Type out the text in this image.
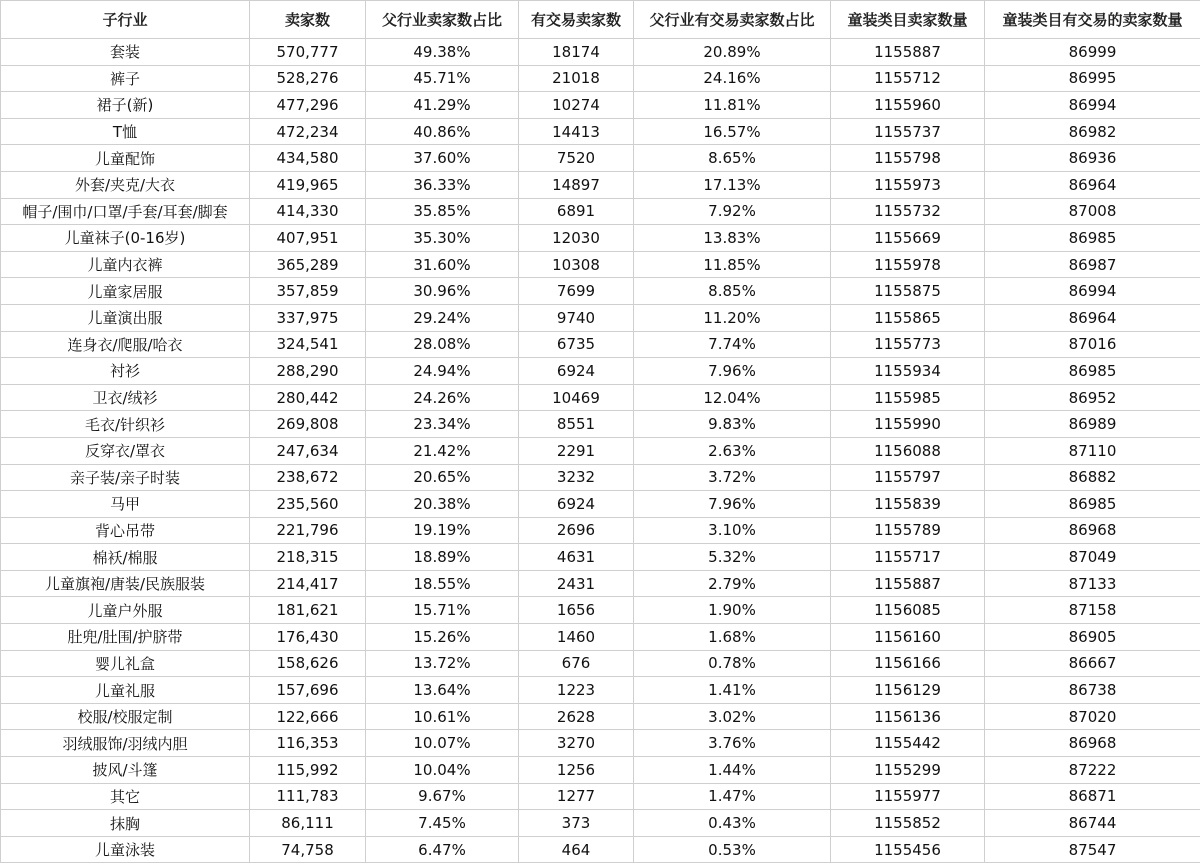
子行业	卖家数	父行业卖家数占比	有交易卖家数	父行业有交易卖家数占比	童装类目卖家数量	童装类目有交易的卖家数量
套装	570,777	49.38%	18174	20.89%	1155887	86999
裤子	528,276	45.71%	21018	24.16%	1155712	86995
裙子(新)	477,296	41.29%	10274	11.81%	1155960	86994
T恤	472,234	40.86%	14413	16.57%	1155737	86982
儿童配饰	434,580	37.60%	7520	8.65%	1155798	86936
外套/夹克/大衣	419,965	36.33%	14897	17.13%	1155973	86964
帽子/围巾/口罩/手套/耳套/脚套	414,330	35.85%	6891	7.92%	1155732	87008
儿童袜子(0-16岁)	407,951	35.30%	12030	13.83%	1155669	86985
儿童内衣裤	365,289	31.60%	10308	11.85%	1155978	86987
儿童家居服	357,859	30.96%	7699	8.85%	1155875	86994
儿童演出服	337,975	29.24%	9740	11.20%	1155865	86964
连身衣/爬服/哈衣	324,541	28.08%	6735	7.74%	1155773	87016
衬衫	288,290	24.94%	6924	7.96%	1155934	86985
卫衣/绒衫	280,442	24.26%	10469	12.04%	1155985	86952
毛衣/针织衫	269,808	23.34%	8551	9.83%	1155990	86989
反穿衣/罩衣	247,634	21.42%	2291	2.63%	1156088	87110
亲子装/亲子时装	238,672	20.65%	3232	3.72%	1155797	86882
马甲	235,560	20.38%	6924	7.96%	1155839	86985
背心吊带	221,796	19.19%	2696	3.10%	1155789	86968
棉袄/棉服	218,315	18.89%	4631	5.32%	1155717	87049
儿童旗袍/唐装/民族服装	214,417	18.55%	2431	2.79%	1155887	87133
儿童户外服	181,621	15.71%	1656	1.90%	1156085	87158
肚兜/肚围/护脐带	176,430	15.26%	1460	1.68%	1156160	86905
婴儿礼盒	158,626	13.72%	676	0.78%	1156166	86667
儿童礼服	157,696	13.64%	1223	1.41%	1156129	86738
校服/校服定制	122,666	10.61%	2628	3.02%	1156136	87020
羽绒服饰/羽绒内胆	116,353	10.07%	3270	3.76%	1155442	86968
披风/斗篷	115,992	10.04%	1256	1.44%	1155299	87222
其它	111,783	9.67%	1277	1.47%	1155977	86871
抹胸	86,111	7.45%	373	0.43%	1155852	86744
儿童泳装	74,758	6.47%	464	0.53%	1155456	87547
